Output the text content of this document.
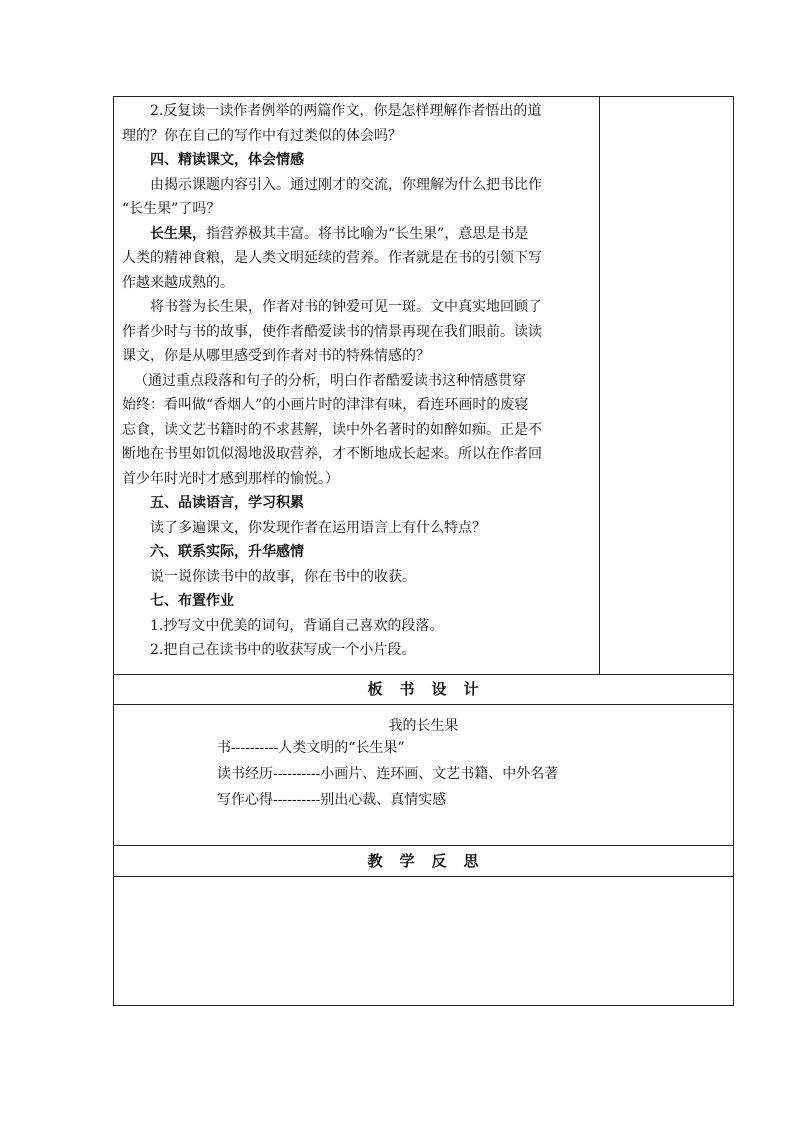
2.反复读一读作者例举的两篇作文，你是怎样理解作者悟出的道

理的？你在自己的写作中有过类似的体会吗？

四、精读课文，体会情感

由揭示课题内容引入。通过刚才的交流，你理解为什么把书比作

“长生果”了吗？

长生果，指营养极其丰富。将书比喻为“长生果”，意思是书是

人类的精神食粮，是人类文明延续的营养。作者就是在书的引领下写

作越来越成熟的。

将书誉为长生果，作者对书的钟爱可见一斑。文中真实地回顾了

作者少时与书的故事，使作者酷爱读书的情景再现在我们眼前。读读

课文，你是从哪里感受到作者对书的特殊情感的？

（通过重点段落和句子的分析，明白作者酷爱读书这种情感贯穿

始终：看叫做“香烟人”的小画片时的津津有味，看连环画时的废寝

忘食，读文艺书籍时的不求甚解，读中外名著时的如醉如痴。正是不

断地在书里如饥似渴地汲取营养，才不断地成长起来。所以在作者回

首少年时光时才感到那样的愉悦。）

五、品读语言，学习积累

读了多遍课文，你发现作者在运用语言上有什么特点？

六、联系实际，升华感情

说一说你读书中的故事，你在书中的收获。

七、布置作业

1.抄写文中优美的词句，背诵自己喜欢的段落。

2.把自己在读书中的收获写成一个小片段。

板　书　设　计
我的长生果
书----------人类文明的“长生果”
读书经历----------小画片、连环画、文艺书籍、中外名著
写作心得----------别出心裁、真情实感
教　学　反　思
